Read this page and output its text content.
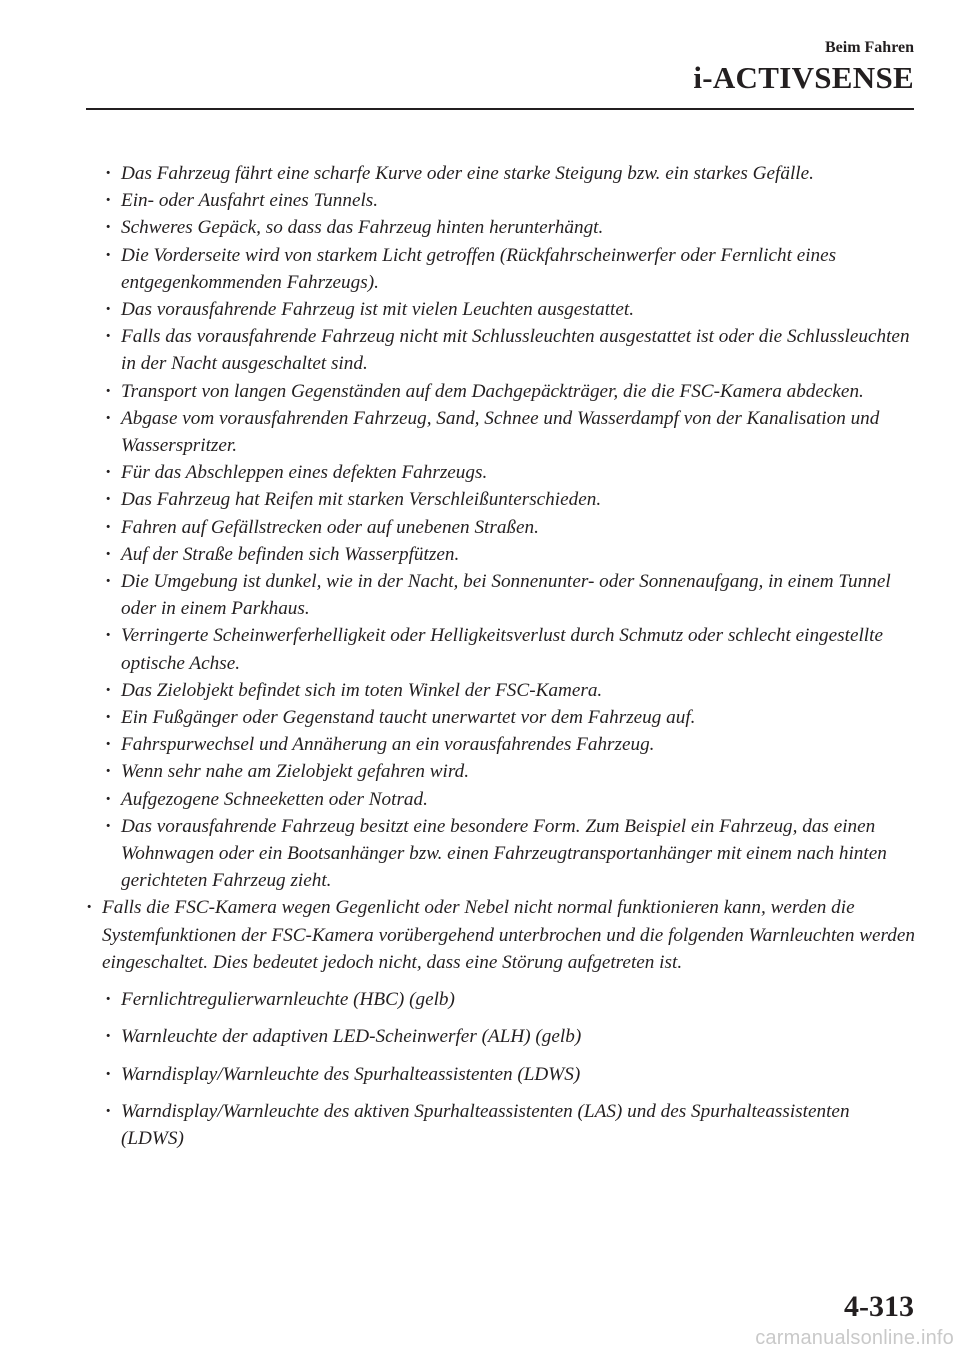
Beim Fahren
i-ACTIVSENSE
· Das Fahrzeug fährt eine scharfe Kurve oder eine starke Steigung bzw. ein starkes Gefälle.
· Ein- oder Ausfahrt eines Tunnels.
· Schweres Gepäck, so dass das Fahrzeug hinten herunterhängt.
· Die Vorderseite wird von starkem Licht getroffen (Rückfahrscheinwerfer oder Fernlicht eines entgegenkommenden Fahrzeugs).
· Das vorausfahrende Fahrzeug ist mit vielen Leuchten ausgestattet.
· Falls das vorausfahrende Fahrzeug nicht mit Schlussleuchten ausgestattet ist oder die Schlussleuchten in der Nacht ausgeschaltet sind.
· Transport von langen Gegenständen auf dem Dachgepäckträger, die die FSC-Kamera abdecken.
· Abgase vom vorausfahrenden Fahrzeug, Sand, Schnee und Wasserdampf von der Kanalisation und Wasserspritzer.
· Für das Abschleppen eines defekten Fahrzeugs.
· Das Fahrzeug hat Reifen mit starken Verschleißunterschieden.
· Fahren auf Gefällstrecken oder auf unebenen Straßen.
· Auf der Straße befinden sich Wasserpfützen.
· Die Umgebung ist dunkel, wie in der Nacht, bei Sonnenunter- oder Sonnenaufgang, in einem Tunnel oder in einem Parkhaus.
· Verringerte Scheinwerferhelligkeit oder Helligkeitsverlust durch Schmutz oder schlecht eingestellte optische Achse.
· Das Zielobjekt befindet sich im toten Winkel der FSC-Kamera.
· Ein Fußgänger oder Gegenstand taucht unerwartet vor dem Fahrzeug auf.
· Fahrspurwechsel und Annäherung an ein vorausfahrendes Fahrzeug.
· Wenn sehr nahe am Zielobjekt gefahren wird.
· Aufgezogene Schneeketten oder Notrad.
· Das vorausfahrende Fahrzeug besitzt eine besondere Form. Zum Beispiel ein Fahrzeug, das einen Wohnwagen oder ein Bootsanhänger bzw. einen Fahrzeugtransportanhänger mit einem nach hinten gerichteten Fahrzeug zieht.
· Falls die FSC-Kamera wegen Gegenlicht oder Nebel nicht normal funktionieren kann, werden die Systemfunktionen der FSC-Kamera vorübergehend unterbrochen und die folgenden Warnleuchten werden eingeschaltet. Dies bedeutet jedoch nicht, dass eine Störung aufgetreten ist.
· Fernlichtregulierwarnleuchte (HBC) (gelb)
· Warnleuchte der adaptiven LED-Scheinwerfer (ALH) (gelb)
· Warndisplay/Warnleuchte des Spurhalteassistenten (LDWS)
· Warndisplay/Warnleuchte des aktiven Spurhalteassistenten (LAS) und des Spurhalteassistenten (LDWS)
4-313
carmanualsonline.info
